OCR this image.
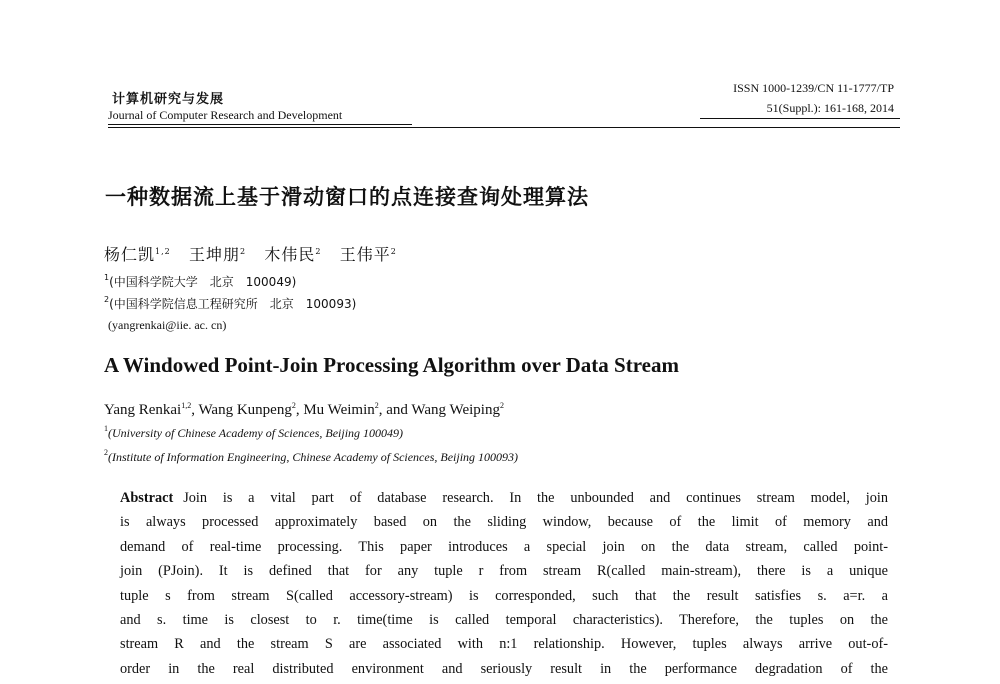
计算机研究与发展
Journal of Computer Research and Development
ISSN 1000-1239/CN 11-1777/TP
51(Suppl.): 161-168, 2014
一种数据流上基于滑动窗口的点连接查询处理算法
杨仁凯$^{1,2}$ 王坤朋$^2$ 木伟民$^2$ 王伟平$^2$
$^1$(中国科学院大学　北京　100049)
$^2$(中国科学院信息工程研究所　北京　100093)
(yangrenkai@iie. ac. cn)
A Windowed Point-Join Processing Algorithm over Data Stream
Yang Renkai$^{1,2}$, Wang Kunpeng$^2$, Mu Weimin$^2$, and Wang Weiping$^2$
$^1$(University of Chinese Academy of Sciences, Beijing 100049)
$^2$(Institute of Information Engineering, Chinese Academy of Sciences, Beijing 100093)
Abstract Join is a vital part of database research. In the unbounded and continues stream model, join
is always processed approximately based on the sliding window, because of the limit of memory and
demand of real-time processing. This paper introduces a special join on the data stream, called point-
join (PJoin). It is defined that for any tuple r from stream R(called main-stream), there is a unique
tuple s from stream S(called accessory-stream) is corresponded, such that the result satisfies s. a=r. a
and s. time is closest to r. time(time is called temporal characteristics). Therefore, the tuples on the
stream R and the stream S are associated with n:1 relationship. However, tuples always arrive out-of-
order in the real distributed environment and seriously result in the performance degradation of the
